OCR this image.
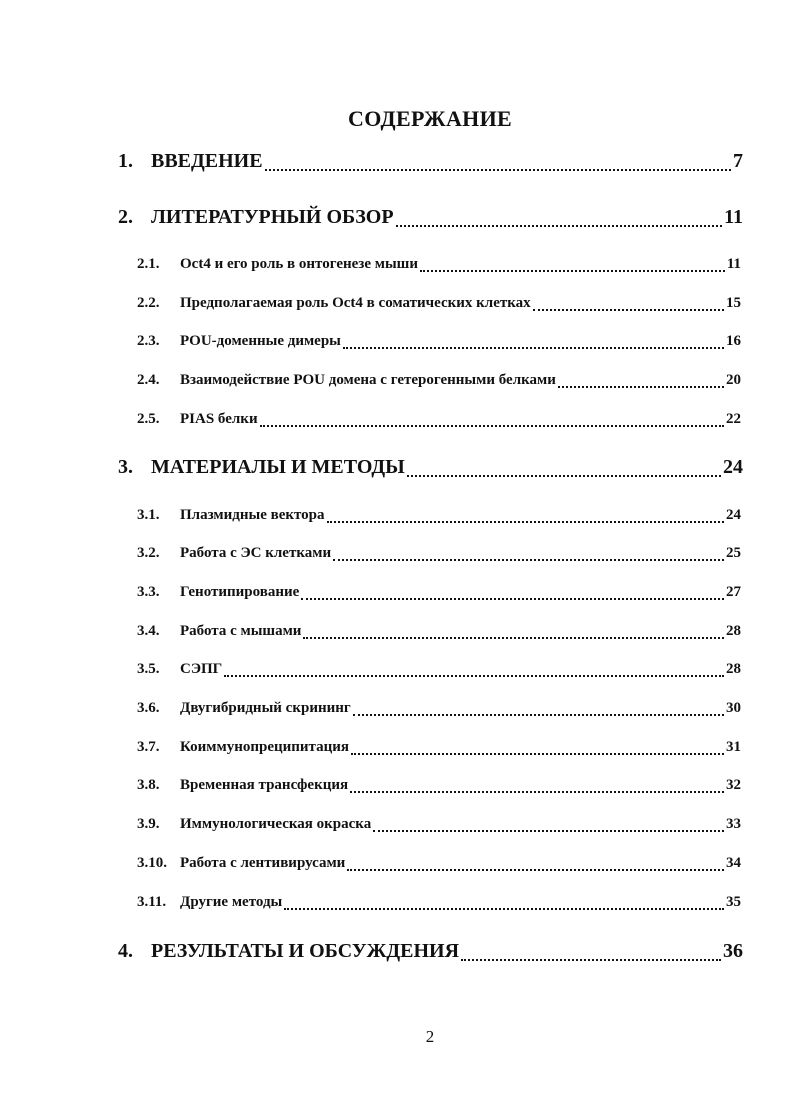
СОДЕРЖАНИЕ
1. ВВЕДЕНИЕ	7
2. ЛИТЕРАТУРНЫЙ ОБЗОР	11
2.1.	Oct4 и его роль в онтогенезе мыши	11
2.2.	Предполагаемая роль Oct4 в соматических клетках	15
2.3.	POU-доменные димеры	16
2.4.	Взаимодействие POU домена с гетерогенными белками	20
2.5.	PIAS белки	22
3. МАТЕРИАЛЫ И МЕТОДЫ	24
3.1.	Плазмидные вектора	24
3.2.	Работа с ЭС клетками	25
3.3.	Генотипирование	27
3.4.	Работа с мышами	28
3.5.	СЭПГ	28
3.6.	Двугибридный скрининг	30
3.7.	Коиммунопреципитация	31
3.8.	Временная трансфекция	32
3.9.	Иммунологическая окраска	33
3.10. Работа с лентивирусами	34
3.11. Другие методы	35
4. РЕЗУЛЬТАТЫ И ОБСУЖДЕНИЯ	36

2
